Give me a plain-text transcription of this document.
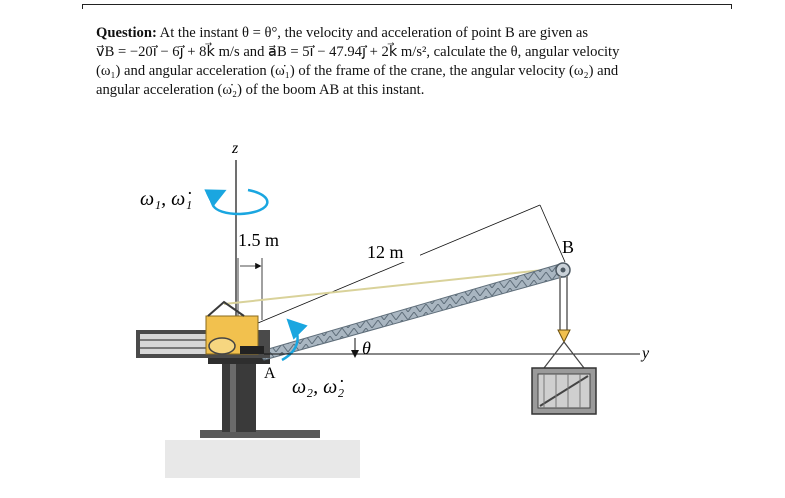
Question: At the instant θ = θ°, the velocity and acceleration of point B are given as
v⃗B = −20ı⃗ − 6ȷ⃗ + 8k⃗ m/s and a⃗B = 5ı⃗ − 47.94ȷ⃗ + 2k⃗ m/s², calculate the θ, angular velocity
(ω₁) and angular acceleration (ω̇₁) of the frame of the crane, the angular velocity (ω₂) and
angular acceleration (ω̇₂) of the boom AB at this instant.
z
ω₁, ω̇₁
1.5 m
12 m	B
A
y
θ
ω₂, ω̇₂
